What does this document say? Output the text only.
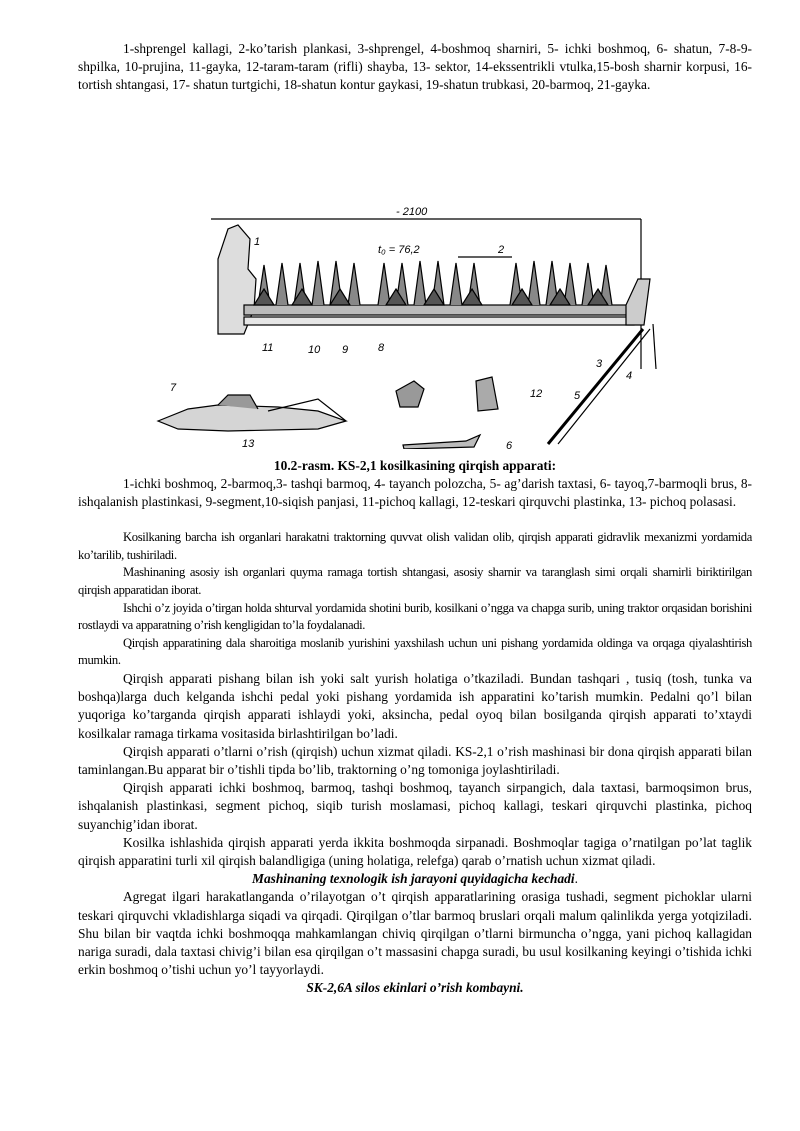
1-shprengel kallagi, 2-ko’tarish plankasi, 3-shprengel, 4-boshmoq sharniri, 5- ichki boshmoq, 6- shatun, 7-8-9-shpilka, 10-prujina, 11-gayka, 12-taram-taram (rifli) shayba, 13- sektor, 14-ekssentrikli vtulka,15-bosh sharnir korpusi, 16-tortish shtangasi, 17- shatun turtgichi, 18-shatun kontur gaykasi, 19-shatun trubkasi, 20-barmoq, 21-gayka.

- 2100
t₀ = 76,2
1
2
3
4
5
6
7
8
9
10
11
12
13

10.2-rasm. KS-2,1 kosilkasining qirqish apparati:

1-ichki boshmoq, 2-barmoq,3- tashqi barmoq, 4- tayanch polozcha, 5- ag’darish taxtasi, 6- tayoq,7-barmoqli brus, 8-ishqalanish plastinkasi, 9-segment,10-siqish panjasi, 11-pichoq kallagi, 12-teskari qirquvchi plastinka, 13- pichoq polasasi.

Kosilkaning barcha ish organlari harakatni traktorning quvvat olish validan olib, qirqish apparati gidravlik mexanizmi yordamida ko’tarilib, tushiriladi.

Mashinaning asosiy ish organlari quyma ramaga tortish shtangasi, asosiy sharnir va taranglash simi orqali sharnirli biriktirilgan qirqish apparatidan iborat.

Ishchi o’z joyida o’tirgan holda shturval yordamida shotini burib, kosilkani o’ngga va chapga surib, uning traktor orqasidan borishini rostlaydi va apparatning o’rish kengligidan to’la foydalanadi.

Qirqish apparatining dala sharoitiga moslanib yurishini yaxshilash uchun uni pishang yordamida oldinga va orqaga qiyalashtirish mumkin.

Qirqish apparati pishang bilan ish yoki salt yurish holatiga o’tkaziladi. Bundan tashqari , tusiq (tosh, tunka va boshqa)larga duch kelganda ishchi pedal yoki pishang yordamida ish apparatini ko’tarish mumkin. Pedalni qo’l bilan yuqoriga ko’targanda qirqish apparati ishlaydi yoki, aksincha, pedal oyoq bilan bosilganda qirqish apparati to’xtaydi kosilkalar ramaga tirkama vositasida birlashtirilgan bo’ladi.

Qirqish apparati o’tlarni o’rish (qirqish) uchun xizmat qiladi. KS-2,1 o’rish mashinasi bir dona qirqish apparati bilan taminlangan.Bu apparat bir o’tishli tipda bo’lib, traktorning o’ng tomoniga joylashtiriladi.

Qirqish apparati ichki boshmoq, barmoq, tashqi boshmoq, tayanch sirpangich, dala taxtasi, barmoqsimon brus, ishqalanish plastinkasi, segment pichoq, siqib turish moslamasi, pichoq kallagi, teskari qirquvchi plastinka, pichoq suyanchig’idan iborat.

Kosilka ishlashida qirqish apparati yerda ikkita boshmoqda sirpanadi. Boshmoqlar tagiga o’rnatilgan po’lat taglik qirqish apparatini turli xil qirqish balandligiga (uning holatiga, relefga) qarab o’rnatish uchun xizmat qiladi.

Mashinaning texnologik ish jarayoni quyidagicha kechadi.

Agregat ilgari harakatlanganda o’rilayotgan o’t qirqish apparatlarining orasiga tushadi, segment pichoklar ularni teskari qirquvchi vkladishlarga siqadi va qirqadi. Qirqilgan o’tlar barmoq bruslari orqali malum qalinlikda yerga yotqiziladi. Shu bilan bir vaqtda ichki boshmoqqa mahkamlangan chiviq qirqilgan o’tlarni birmuncha o’ngga, yani pichoq kallagidan nariga suradi, dala taxtasi chivig’i bilan esa qirqilgan o’t massasini chapga suradi, bu usul kosilkaning keyingi o’tishida ichki erkin boshmoq o’tishi uchun yo’l tayyorlaydi.

SK-2,6A silos ekinlari o’rish kombayni.
